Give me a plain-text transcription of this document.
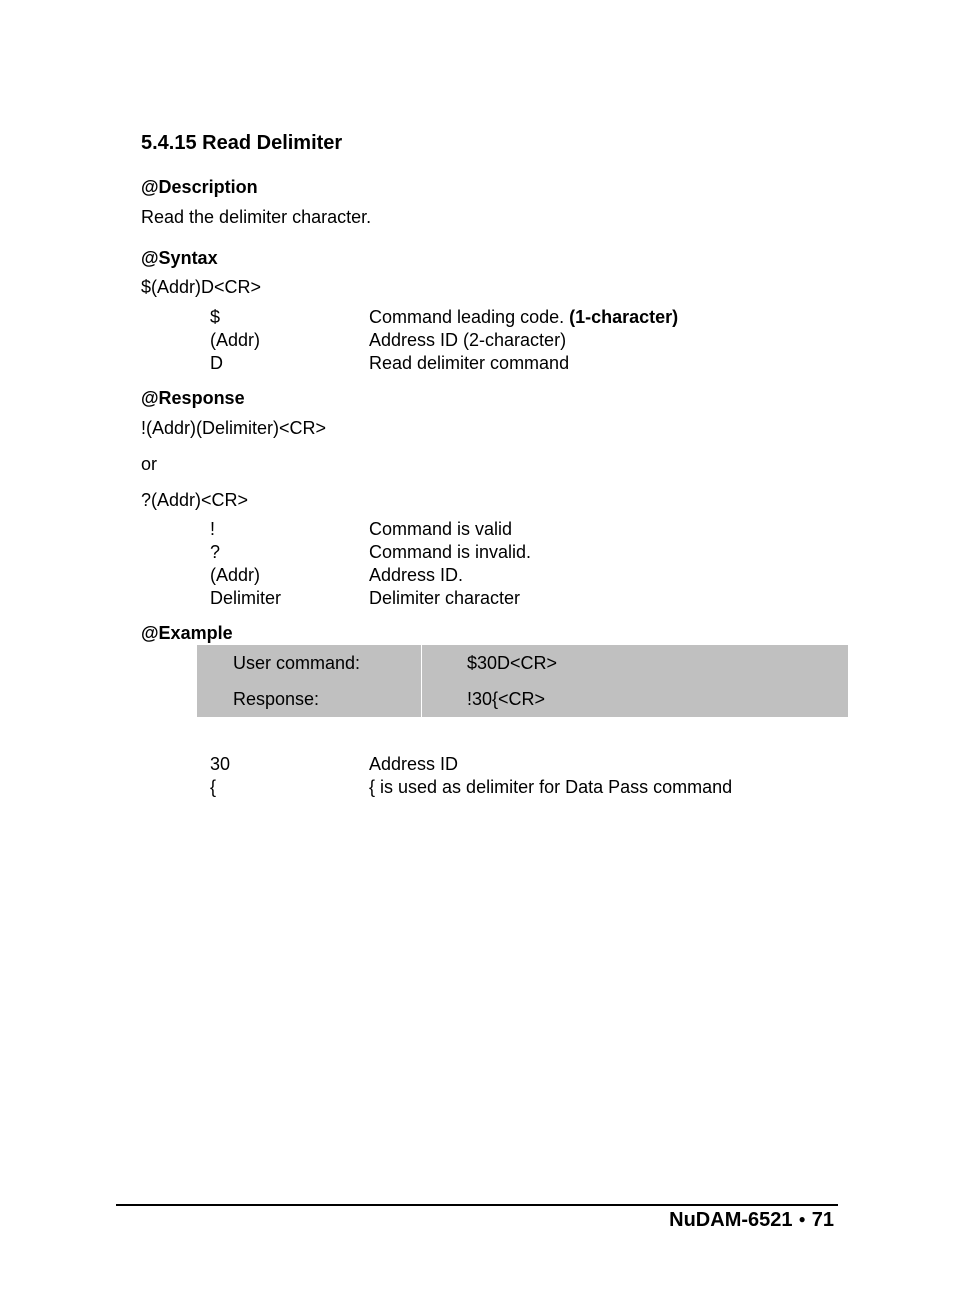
5.4.15 Read Delimiter
@Description
Read the delimiter character.
@Syntax
$(Addr)D<CR>
$	Command leading code. (1-character)
(Addr)	Address ID (2-character)
D	Read delimiter command
@Response
!(Addr)(Delimiter)<CR>
or
?(Addr)<CR>
!	Command is valid
?	Command is invalid.
(Addr)	Address ID.
Delimiter	Delimiter character
@Example
User command:	$30D<CR>
Response:	!30{<CR>
30	Address ID
{	{ is used as delimiter for Data Pass command
NuDAM-6521 ● 71
